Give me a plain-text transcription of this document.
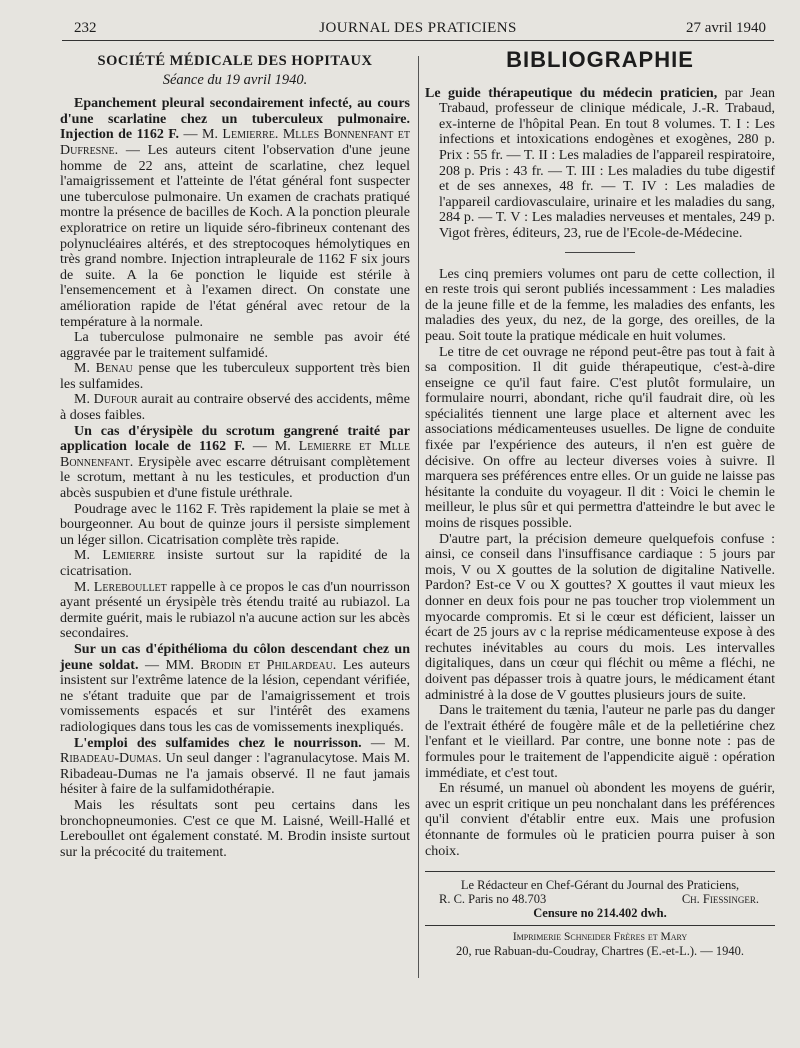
232	JOURNAL DES PRATICIENS	27 avril 1940
SOCIÉTÉ MÉDICALE DES HOPITAUX
Séance du 19 avril 1940.

Epanchement pleural secondairement infecté, au cours d'une scarlatine chez un tuberculeux pulmonaire. Injection de 1162 F. — M. Lemierre. Mlles Bonnenfant et Dufresne. — Les auteurs citent l'observation d'une jeune homme de 22 ans, atteint de scarlatine, chez lequel l'amaigrissement et l'atteinte de l'état général font suspecter une tuberculose pulmonaire. Un examen de crachats pratiqué montre la présence de bacilles de Koch. A la ponction pleurale exploratrice on retire un liquide séro-fibrineux contenant des polynucléaires altérés, et des streptocoques hémolytiques en très grand nombre. Injection intrapleurale de 1162 F six jours de suite. A la 6e ponction le liquide est stérile à l'ensemencement et à l'examen direct. On constate une amélioration rapide de l'état général avec retour de la température à la normale.

La tuberculose pulmonaire ne semble pas avoir été aggravée par le traitement sulfamidé.

M. Benau pense que les tuberculeux supportent très bien les sulfamides.

M. Dufour aurait au contraire observé des accidents, même à doses faibles.

Un cas d'érysipèle du scrotum gangrené traité par application locale de 1162 F. — M. Lemierre et Mlle Bonnenfant. Erysipèle avec escarre détruisant complètement le scrotum, mettant à nu les testicules, et production d'un abcès suspubien et d'une fistule uréthrale.

Poudrage avec le 1162 F. Très rapidement la plaie se met à bourgeonner. Au bout de quinze jours il persiste simplement un léger sillon. Cicatrisation complète très rapide.

M. Lemierre insiste surtout sur la rapidité de la cicatrisation.

M. Lereboullet rappelle à ce propos le cas d'un nourrisson ayant présenté un érysipèle très étendu traité au rubiazol. La dermite guérit, mais le rubiazol n'a aucune action sur les abcès secondaires.

Sur un cas d'épithélioma du côlon descendant chez un jeune soldat. — MM. Brodin et Philardeau. Les auteurs insistent sur l'extrême latence de la lésion, cependant vérifiée, ne s'étant traduite que par de l'amaigrissement et trois vomissements espacés et sur l'intérêt des examens radiologiques dans tous les cas de vomissements inexpliqués.

L'emploi des sulfamides chez le nourrisson. — M. Ribadeau-Dumas. Un seul danger : l'agranulacytose. Mais M. Ribadeau-Dumas ne l'a jamais observé. Il ne faut jamais hésiter à faire de la sulfamidothérapie.

Mais les résultats sont peu certains dans les bronchopneumonies. C'est ce que M. Laisné, Weill-Hallé et Lereboullet ont également constaté. M. Brodin insiste surtout sur la précocité du traitement.

BIBLIOGRAPHIE

Le guide thérapeutique du médecin praticien, par Jean Trabaud, professeur de clinique médicale, J.-R. Trabaud, ex-interne de l'hôpital Pean. En tout 8 volumes. T. I : Les infections et intoxications endogènes et exogènes, 280 p. Prix : 55 fr. — T. II : Les maladies de l'appareil respiratoire, 208 p. Pris : 43 fr. — T. III : Les maladies du tube digestif et de ses annexes, 48 fr. — T. IV : Les maladies de l'appareil cardiovasculaire, urinaire et les maladies du sang, 284 p. — T. V : Les maladies nerveuses et mentales, 249 p. Vigot frères, éditeurs, 23, rue de l'Ecole-de-Médecine.

Les cinq premiers volumes ont paru de cette collection, il en reste trois qui seront publiés incessamment : Les maladies de la jeune fille et de la femme, les maladies des enfants, les maladies des yeux, du nez, de la gorge, des oreilles, de la peau. Soit toute la pratique médicale en huit volumes.

Le titre de cet ouvrage ne répond peut-être pas tout à fait à sa composition. Il dit guide thérapeutique, c'est-à-dire enseigne ce qu'il faut faire. C'est plutôt formulaire, un formulaire nourri, abondant, riche qu'il faudrait dire, où les spécialités tiennent une large place et alternent avec les associations médicamenteuses usuelles. De ligne de conduite fixée par l'expérience des auteurs, il n'en est guère de décisive. On offre au lecteur diverses voies à suivre. Il marquera ses préférences entre elles. Or un guide ne laisse pas hésitante la conduite du voyageur. Il dit : Voici le chemin le meilleur, le plus sûr et qui permettra d'atteindre le but avec le moins de risques possible.

D'autre part, la précision demeure quelquefois confuse : ainsi, ce conseil dans l'insuffisance cardiaque : 5 jours par mois, V ou X gouttes de la solution de digitaline Nativelle. Pardon? Est-ce V ou X gouttes? X gouttes il vaut mieux les donner en deux fois pour ne pas toucher trop violemment un myocarde compromis. Et si le cœur est déficient, laisser un écart de 25 jours av c la reprise médicamenteuse expose à des rechutes inévitables au cours du mois. Les intervalles digitaliques, dans un cœur qui fléchit ou même a fléchi, ne doivent pas dépasser trois à quatre jours, le médicament étant administré à la dose de V gouttes plusieurs jours de suite.

Dans le traitement du tænia, l'auteur ne parle pas du danger de l'extrait éthéré de fougère mâle et de la pelletiérine chez l'enfant et le vieillard. Par contre, une bonne note : pas de formules pour le traitement de l'appendicite aiguë : opération immédiate, et c'est tout.

En résumé, un manuel où abondent les moyens de guérir, avec un esprit critique un peu nonchalant dans les préférences qu'il convient d'établir entre eux. Mais une profusion étonnante de formules où le praticien pourra puiser à son choix.

Le Rédacteur en Chef-Gérant du Journal des Praticiens,
R. C. Paris no 48.703	Ch. Fiessinger.
Censure no 214.402 dwh.
Imprimerie Schneider Frères et Mary
20, rue Rabuan-du-Coudray, Chartres (E.-et-L.). — 1940.
